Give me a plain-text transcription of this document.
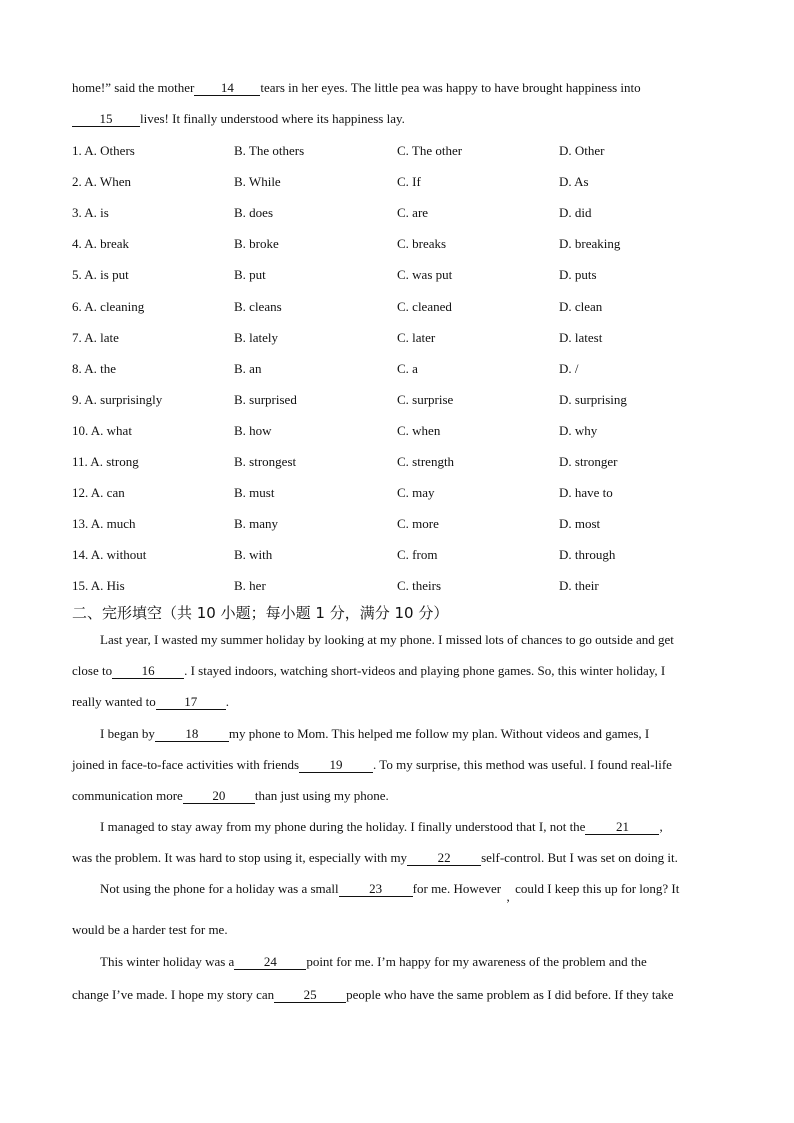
home!” said the mother 14 tears in her eyes. The little pea was happy to have brought happiness into
15 lives! It finally understood where its happiness lay.
1. A. Others	B. The others	C. The other	D. Other
2. A. When	B. While	C. If	D. As
3. A. is	B. does	C. are	D. did
4. A. break	B. broke	C. breaks	D. breaking
5. A. is put	B. put	C. was put	D. puts
6. A. cleaning	B. cleans	C. cleaned	D. clean
7. A. late	B. lately	C. later	D. latest
8. A. the	B. an	C. a	D. /
9. A. surprisingly	B. surprised	C. surprise	D. surprising
10. A. what	B. how	C. when	D. why
11. A. strong	B. strongest	C. strength	D. stronger
12. A. can	B. must	C. may	D. have to
13. A. much	B. many	C. more	D. most
14. A. without	B. with	C. from	D. through
15. A. His	B. her	C. theirs	D. their
二、完形填空（共 10 小题；每小题 1 分，满分 10 分）
Last year, I wasted my summer holiday by looking at my phone. I missed lots of chances to go outside and get
close to 16 . I stayed indoors, watching short-videos and playing phone games. So, this winter holiday, I
really wanted to 17 .
I began by 18 my phone to Mom. This helped me follow my plan. Without videos and games, I
joined in face-to-face activities with friends 19 . To my surprise, this method was useful. I found real-life
communication more 20 than just using my phone.
I managed to stay away from my phone during the holiday. I finally understood that I, not the 21 ,
was the problem. It was hard to stop using it, especially with my 22 self-control. But I was set on doing it.
Not using the phone for a holiday was a small 23 for me. However,could I keep this up for long? It
would be a harder test for me.
This winter holiday was a 24 point for me. I’m happy for my awareness of the problem and the
change I’ve made. I hope my story can 25 people who have the same problem as I did before. If they take
